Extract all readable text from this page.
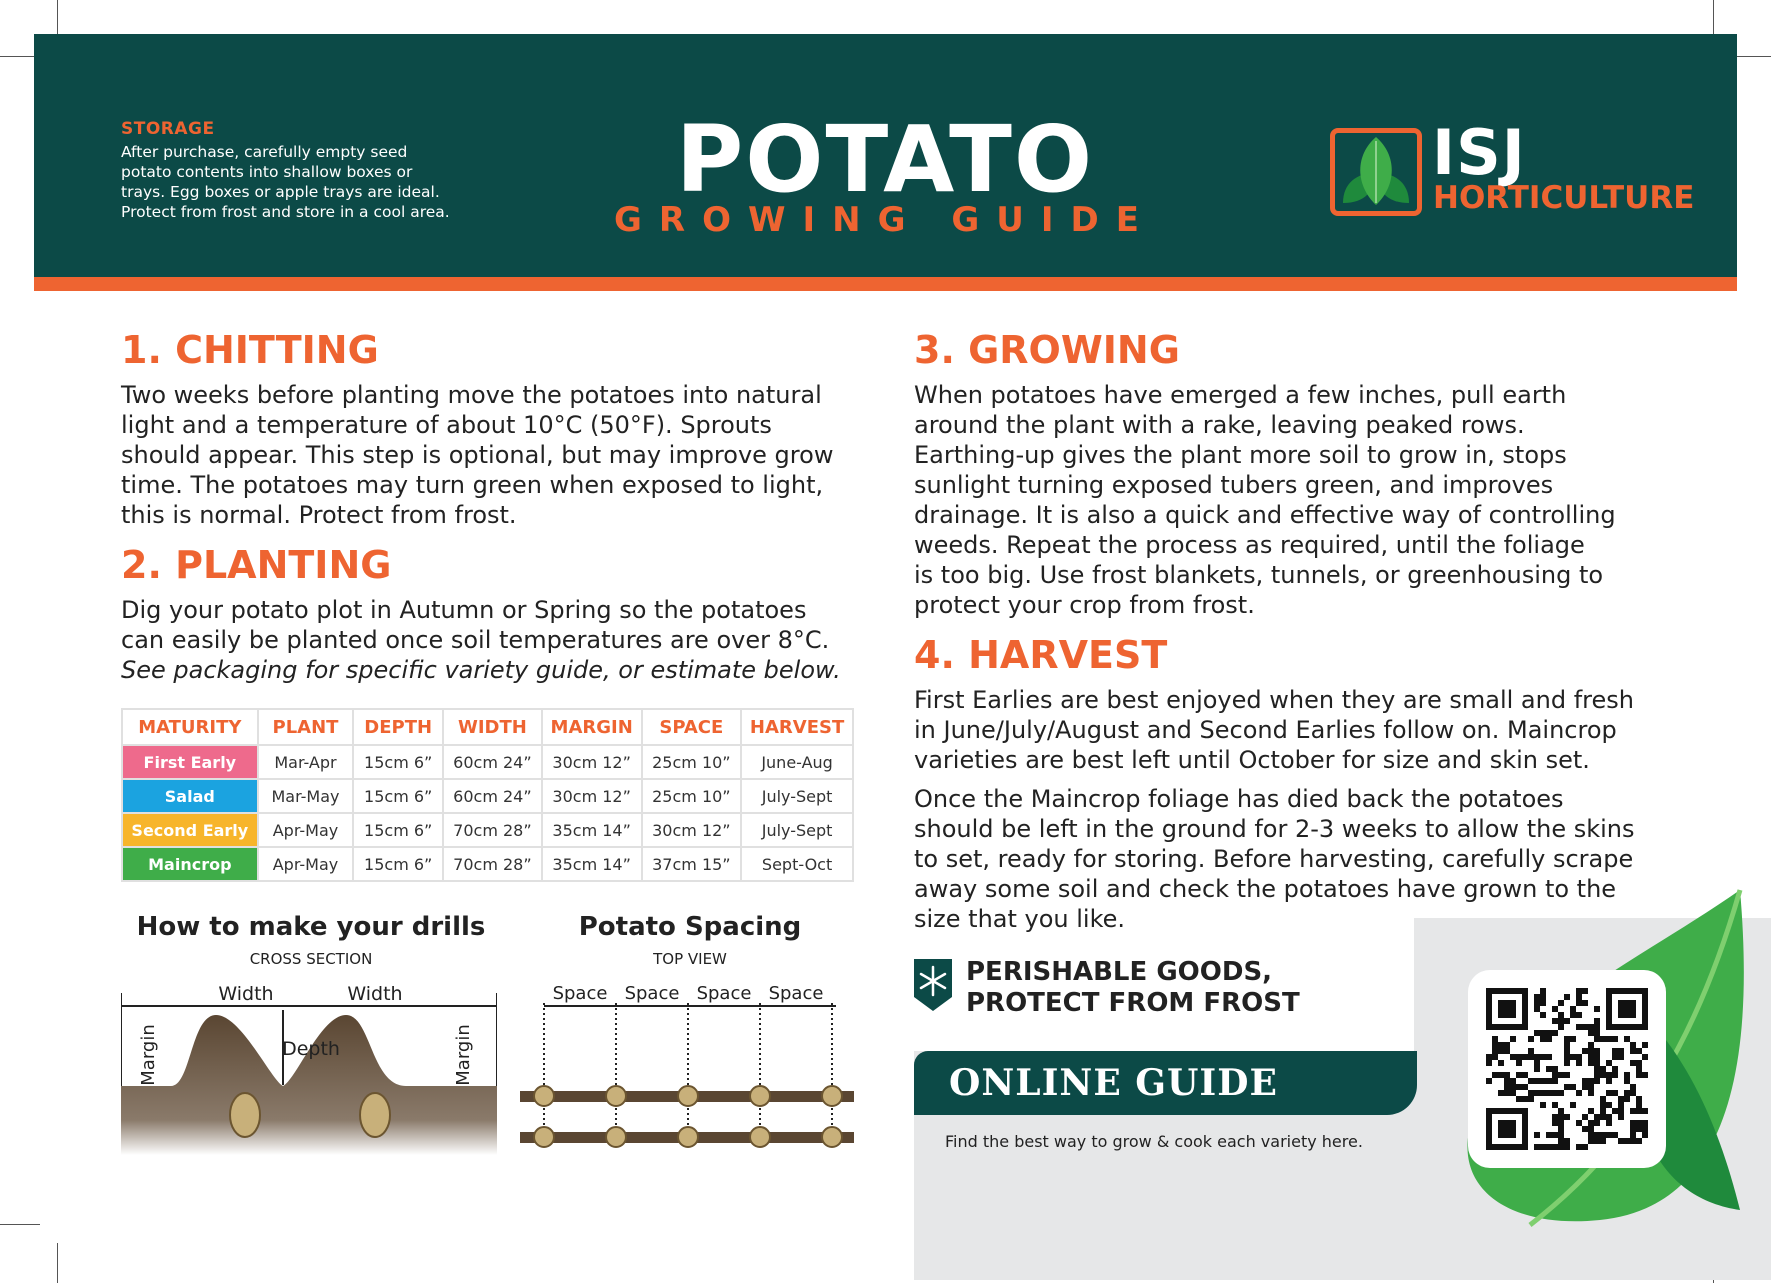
STORAGE
After purchase, carefully empty seed
potato contents into shallow boxes or
trays. Egg boxes or apple trays are ideal.
Protect from frost and store in a cool area.	POTATO
GROWING GUIDE
ISJ
HORTICULTURE
1. CHITTING
Two weeks before planting move the potatoes into natural
light and a temperature of about 10°C (50°F). Sprouts
should appear. This step is optional, but may improve grow
time. The potatoes may turn green when exposed to light,
this is normal. Protect from frost.
2. PLANTING
Dig your potato plot in Autumn or Spring so the potatoes
can easily be planted once soil temperatures are over 8°C.
See packaging for specific variety guide, or estimate below.
MATURITY	PLANT	DEPTH	WIDTH	MARGIN	SPACE	HARVEST
First Early	Mar-Apr	15cm 6”	60cm 24”	30cm 12”	25cm 10”	June-Aug
Salad	Mar-May	15cm 6”	60cm 24”	30cm 12”	25cm 10”	July-Sept
Second Early	Apr-May	15cm 6”	70cm 28”	35cm 14”	30cm 12”	July-Sept
Maincrop	Apr-May	15cm 6”	70cm 28”	35cm 14”	37cm 15”	Sept-Oct
How to make your drills
CROSS SECTION
Width	Width
Depth
Margin	Margin
Potato Spacing
TOP VIEW
Space Space Space Space
3. GROWING
When potatoes have emerged a few inches, pull earth
around the plant with a rake, leaving peaked rows.
Earthing-up gives the plant more soil to grow in, stops
sunlight turning exposed tubers green, and improves
drainage. It is also a quick and effective way of controlling
weeds. Repeat the process as required, until the foliage
is too big. Use frost blankets, tunnels, or greenhousing to
protect your crop from frost.
4. HARVEST
First Earlies are best enjoyed when they are small and fresh
in June/July/August and Second Earlies follow on. Maincrop
varieties are best left until October for size and skin set.
Once the Maincrop foliage has died back the potatoes
should be left in the ground for 2-3 weeks to allow the skins
to set, ready for storing. Before harvesting, carefully scrape
away some soil and check the potatoes have grown to the
size that you like.
PERISHABLE GOODS,
PROTECT FROM FROST
ONLINE GUIDE
Find the best way to grow & cook each variety here.
